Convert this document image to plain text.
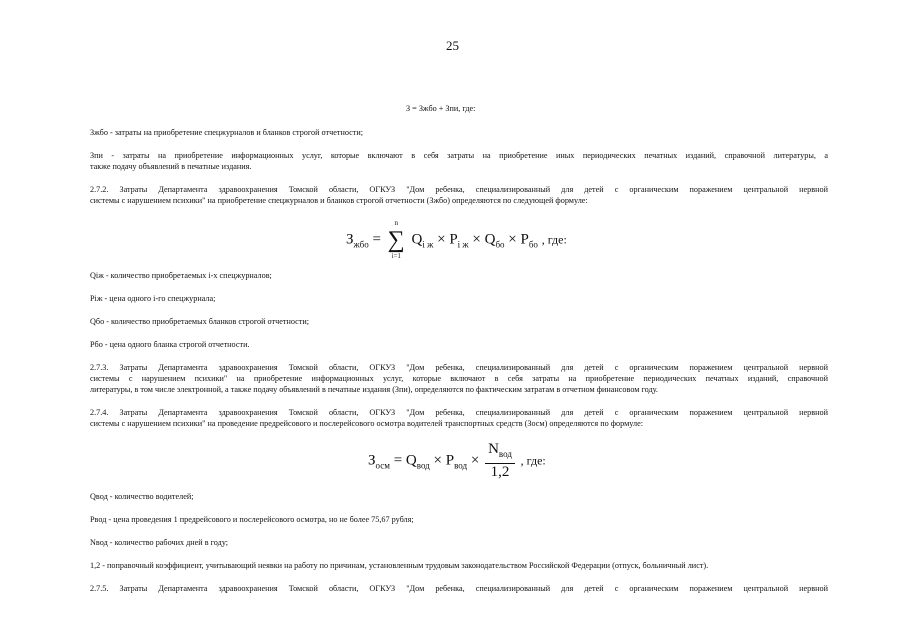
25
З = Зжбо + Зпи, где:
Зжбо - затраты на приобретение спецжурналов и бланков строгой отчетности;
Зпи - затраты на приобретение информационных услуг, которые включают в себя затраты на приобретение иных периодических печатных изданий, справочной литературы, а
также подачу объявлений в печатные издания.
2.7.2. Затраты Департамента здравоохранения Томской области, ОГКУЗ "Дом ребенка, специализированный для детей с органическим поражением центральной нервной
системы с нарушением психики" на приобретение спецжурналов и бланков строгой отчетности (Зжбо) определяются по следующей формуле:
$З_{жбо}$ =
n
∑
i=1
$Q_{i ж} \times P_{i ж} \times Q_{бо} \times P_{бо}$ , где:
Qiж - количество приобретаемых i-х спецжурналов;
Piж - цена одного i-го спецжурнала;
Qбо - количество приобретаемых бланков строгой отчетности;
Pбо - цена одного бланка строгой отчетности.
2.7.3. Затраты Департамента здравоохранения Томской области, ОГКУЗ "Дом ребенка, специализированный для детей с органическим поражением центральной нервной
системы с нарушением психики" на приобретение информационных услуг, которые включают в себя затраты на приобретение периодических печатных изданий, справочной
литературы, в том числе электронной, а также подачу объявлений в печатные издания (Зпи), определяются по фактическим затратам в отчетном финансовом году.
2.7.4. Затраты Департамента здравоохранения Томской области, ОГКУЗ "Дом ребенка, специализированный для детей с органическим поражением центральной нервной
системы с нарушением психики" на проведение предрейсового и послерейсового осмотра водителей транспортных средств (Зосм) определяются по формуле:
$З_{осм} = Q_{вод} \times P_{вод} \times \frac{N_{вод}}{1,2}$ , где:
Qвод - количество водителей;
Pвод - цена проведения 1 предрейсового и послерейсового осмотра, но не более 75,67 рубля;
Nвод - количество рабочих дней в году;
1,2 - поправочный коэффициент, учитывающий неявки на работу по причинам, установленным трудовым законодательством Российской Федерации (отпуск, больничный лист).
2.7.5. Затраты Департамента здравоохранения Томской области, ОГКУЗ "Дом ребенка, специализированный для детей с органическим поражением центральной нервной
